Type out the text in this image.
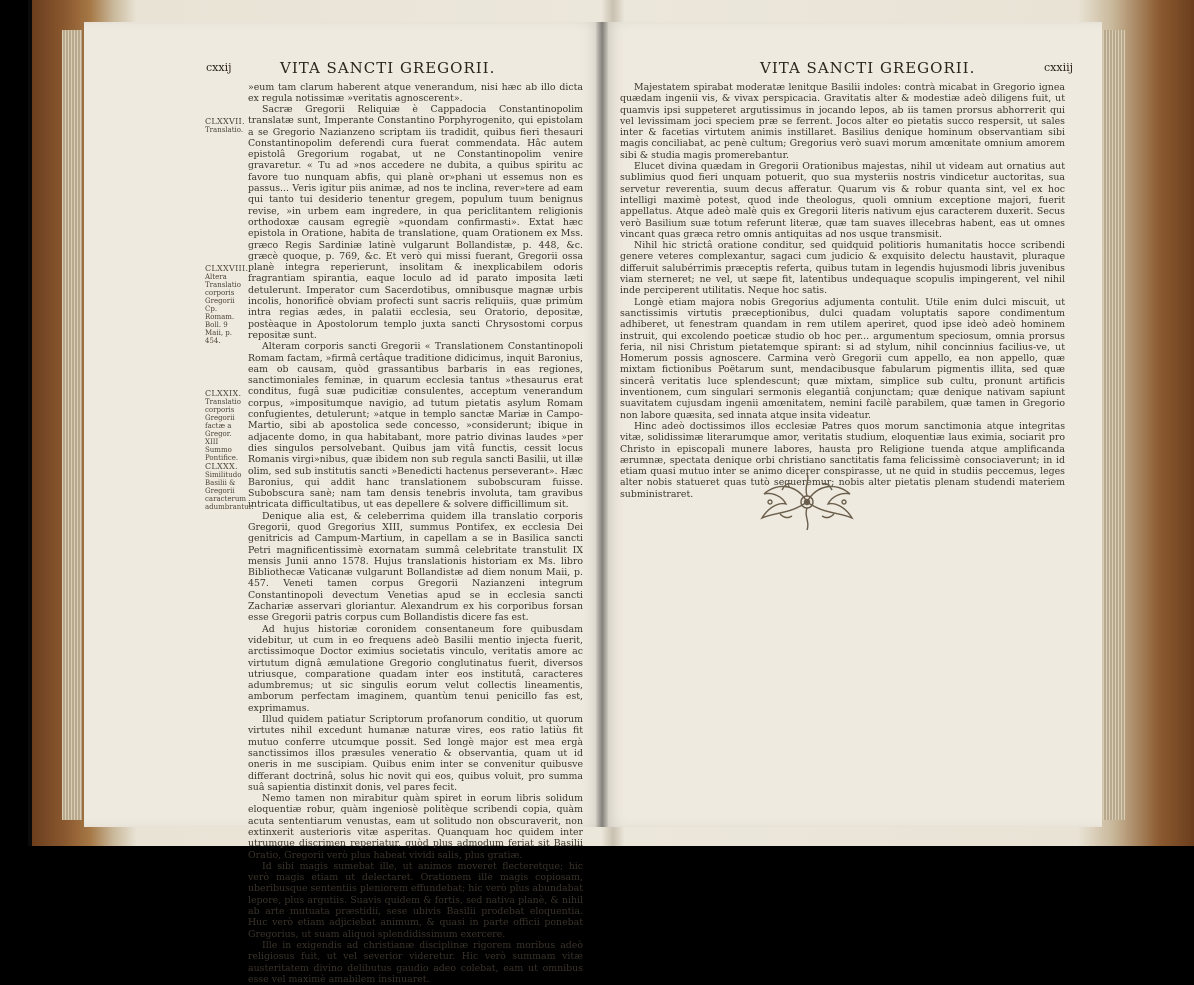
cxxij	VITA SANCTI GREGORII.
»eum tam clarum haberent atque venerandum, nisi hæc ab illo dicta ex regula notissimæ »veritatis agnoscerent».

Sacræ Gregorii Reliquiæ è Cappadocia Constantinopolim translatæ sunt, Imperante Constantino Porphyrogenito, qui epistolam a se Gregorio Nazianzeno scriptam iis tradidit, quibus fieri thesauri Constantinopolim deferendi cura fuerat commendata. Hâc autem epistolâ Gregorium rogabat, ut ne Constantinopolim venire gravaretur. « Tu ad »nos accedere ne dubita, a quibus spiritu ac favore tuo nunquam abfis, qui planè or»phani ut essemus non es passus... Veris igitur piis animæ, ad nos te inclina, rever»tere ad eam qui tanto tui desiderio tenentur gregem, populum tuum benignus revise, »in urbem eam ingredere, in qua periclitantem religionis orthodoxæ causam egregiè »quondam confirmasti». Extat hæc epistola in Oratione, habita de translatione, quam Orationem ex Mss. græco Regis Sardiniæ latinè vulgarunt Bollandistæ, p. 448, &c. græcè quoque, p. 769, &c. Et verò qui missi fuerant, Gregorii ossa planè integra reperierunt, insolitam & inexplicabilem odoris fragrantiam spirantia, eaque loculo ad id parato imposita læti detulerunt. Imperator cum Sacerdotibus, omnibusque magnæ urbis incolis, honorificè obviam profecti sunt sacris reliquiis, quæ primùm intra regias ædes, in palatii ecclesia, seu Oratorio, depositæ, postèaque in Apostolorum templo juxta sancti Chrysostomi corpus repositæ sunt.

Alteram corporis sancti Gregorii « Translationem Constantinopoli Romam factam, »firmâ certâque traditione didicimus, inquit Baronius, eam ob causam, quòd grassantibus barbaris in eas regiones, sanctimoniales feminæ, in quarum ecclesia tantus »thesaurus erat conditus, fugâ suæ pudicitiæ consulentes, acceptum venerandum corpus, »impositumque navigio, ad tutum pietatis asylum Romam confugientes, detulerunt; »atque in templo sanctæ Mariæ in Campo-Martio, sibi ab apostolica sede concesso, »considerunt; ibique in adjacente domo, in qua habitabant, more patrio divinas laudes »per dies singulos persolvebant. Quibus jam vitâ functis, cessit locus Romanis virgi»nibus, quæ ibidem non sub regula sancti Basilii, ut illæ olim, sed sub institutis sancti »Benedicti hactenus perseverant». Hæc Baronius, qui addit hanc translationem subobscuram fuisse. Subobscura sanè; nam tam densis tenebris involuta, tam gravibus intricata difficultatibus, ut eas depellere & solvere difficillimum sit.

Denique alia est, & celeberrima quidem illa translatio corporis Gregorii, quod Gregorius XIII, summus Pontifex, ex ecclesia Dei genitricis ad Campum-Martium, in capellam a se in Basilica sancti Petri magnificentissimè exornatam summâ celebritate transtulit IX mensis Junii anno 1578. Hujus translationis historiam ex Ms. libro Bibliothecæ Vaticanæ vulgarunt Bollandistæ ad diem nonum Maii, p. 457. Veneti tamen corpus Gregorii Nazianzeni integrum Constantinopoli devectum Venetias apud se in ecclesia sancti Zachariæ asservari gloriantur. Alexandrum ex his corporibus forsan esse Gregorii patris corpus cum Bollandistis dicere fas est.

Ad hujus historiæ coronidem consentaneum fore quibusdam videbitur, ut cum in eo frequens adeò Basilii mentio injecta fuerit, arctissimoque Doctor eximius societatis vinculo, veritatis amore ac virtutum dignâ æmulatione Gregorio conglutinatus fuerit, diversos utriusque, comparatione quadam inter eos institutâ, caracteres adumbremus; ut sic singulis eorum velut collectis lineamentis, amborum perfectam imaginem, quantùm tenui penicillo fas est, exprimamus.

Illud quidem patiatur Scriptorum profanorum conditio, ut quorum virtutes nihil excedunt humanæ naturæ vires, eos ratio latiùs fit mutuo conferre utcumque possit. Sed longè major est mea ergà sanctissimos illos præsules veneratio & observantia, quam ut id oneris in me suscipiam. Quibus enim inter se convenitur quibusve differant doctrinâ, solus hic novit qui eos, quibus voluit, pro summa suâ sapientia distinxit donis, vel pares fecit.

Nemo tamen non mirabitur quàm spiret in eorum libris solidum eloquentiæ robur, quàm ingeniosè politèque scribendi copia, quàm acuta sententiarum venustas, eam ut solitudo non obscuraverit, non extinxerit austerioris vitæ asperitas. Quanquam hoc quidem inter utrumque discrimen reperiatur, quòd plus admodum feriat sit Basilii Oratio, Gregorii verò plus habeat vividi salis, plus gratiæ.

Id sibi magis sumebat ille, ut animos moveret flecteretque; hic verò magis etiam ut delectaret. Orationem ille magis copiosam, uberibusque sententiis pleniorem effundebat; hic verò plus abundabat lepore, plus argutiis. Suavis quidem & fortis, sed nativa planè, & nihil ab arte mutuata præstidii, sese ubivis Basilii prodebat eloquentia. Huc verò etiam adjiciebat animum, & quasi in parte officii ponebat Gregorius, ut suam aliquoi splendidissimum exercere.

Ille in exigendis ad christianæ disciplinæ rigorem moribus adeò religiosus fuit, ut vel severior videretur. Hic verò summam vitæ austeritatem divino delibutus gaudio adeo colebat, eam ut omnibus esse vel maximè amabilem insinuaret.

CLXXVII.
Translatio.
CLXXVIII.
Altera Translatio corporis Gregorii Cp. Romam. Boll. 9 Maii, p. 454.
CLXXIX.
Translatio corporis Gregorii factæ a Gregor. XIII Summo Pontifice.
CLXXX.
Similitudo Basilii & Gregorii caracterum adumbrantur.
VITA SANCTI GREGORII.	cxxiij

Majestatem spirabat moderatæ lenitque Basilii indoles: contrà micabat in Gregorio ignea quædam ingenii vis, & vivax perspicacia. Gravitatis alter & modestiæ adeò diligens fuit, ut quamvis ipsi suppeteret argutissimus in jocando lepos, ab iis tamen prorsus abhorrerit qui vel levissimam joci speciem præ se ferrent. Jocos alter eo pietatis succo respersit, ut sales inter & facetias virtutem animis instillaret. Basilius denique hominum observantiam sibi magis conciliabat, ac penè cultum; Gregorius verò suavi morum amœnitate omnium amorem sibi & studia magis promerebantur.

Elucet divina quædam in Gregorii Orationibus majestas, nihil ut videam aut ornatius aut sublimius quod fieri unquam potuerit, quo sua mysteriis nostris vindicetur auctoritas, sua servetur reverentia, suum decus afferatur. Quarum vis & robur quanta sint, vel ex hoc intelligi maximè potest, quod inde theologus, quoli omnium exceptione majori, fuerit appellatus. Atque adeò malè quis ex Gregorii literis nativum ejus caracterem duxerit. Secus verò Basilium suæ totum referunt literæ, quæ tam suaves illecebras habent, eas ut omnes vincant quas græca retro omnis antiquitas ad nos usque transmisit.

Nihil hic strictâ oratione conditur, sed quidquid politioris humanitatis hocce scribendi genere veteres complexantur, sagaci cum judicio & exquisito delectu haustavit, pluraque differuit salubérrimis præceptis referta, quibus tutam in legendis hujusmodi libris juvenibus viam sterneret; ne vel, ut sæpe fit, latentibus undequaque scopulis impingerent, vel nihil inde perciperent utilitatis. Neque hoc satis.

Longè etiam majora nobis Gregorius adjumenta contulit. Utile enim dulci miscuit, ut sanctissimis virtutis præceptionibus, dulci quadam voluptatis sapore condimentum adhiberet, ut fenestram quandam in rem utilem aperiret, quod ipse ideò adeò hominem instruit, qui excolendo poeticæ studio ob hoc per... argumentum speciosum, omnia prorsus feria, nil nisi Christum pietatemque spirant: si ad stylum, nihil concinnius facilius-ve, ut Homerum possis agnoscere. Carmina verò Gregorii cum appello, ea non appello, quæ mixtam fictionibus Poëtarum sunt, mendacibusque fabularum pigmentis illita, sed quæ sincerâ veritatis luce splendescunt; quæ mixtam, simplice sub cultu, pronunt artificis inventionem, cum singulari sermonis elegantiâ conjunctam; quæ denique nativam sapiunt suavitatem cujusdam ingenii amœnitatem, nemini facilè parabilem, quæ tamen in Gregorio non labore quæsita, sed innata atque insita videatur.

Hinc adeò doctissimos illos ecclesiæ Patres quos morum sanctimonia atque integritas vitæ, solidissimæ literarumque amor, veritatis studium, eloquentiæ laus eximia, sociarit pro Christo in episcopali munere labores, hausta pro Religione tuenda atque amplificanda ærumnæ, spectata denique orbi christiano sanctitatis fama felicissimè consociaverunt; in id etiam quasi mutuo inter se animo dicerer conspirasse, ut ne quid in studiis peccemus, leges alter nobis statueret quas tutò sequeremur; nobis alter pietatis plenam studendi materiem subministraret.
